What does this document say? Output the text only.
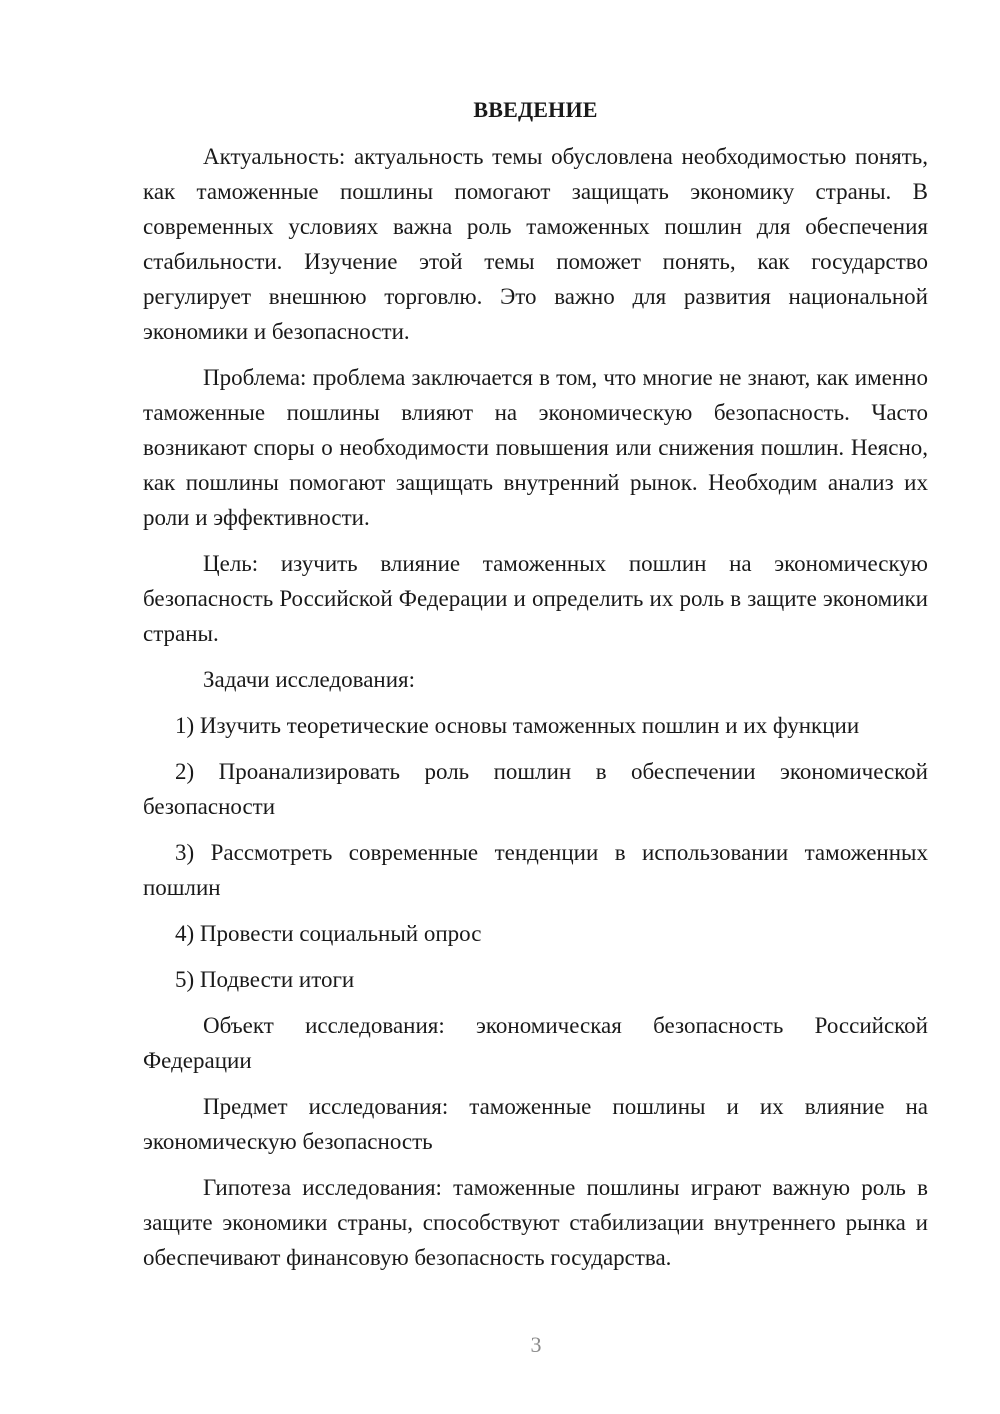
ВВЕДЕНИЕ

Актуальность: актуальность темы обусловлена необходимостью понять, как таможенные пошлины помогают защищать экономику страны. В современных условиях важна роль таможенных пошлин для обеспечения стабильности. Изучение этой темы поможет понять, как государство регулирует внешнюю торговлю. Это важно для развития национальной экономики и безопасности.

Проблема: проблема заключается в том, что многие не знают, как именно таможенные пошлины влияют на экономическую безопасность. Часто возникают споры о необходимости повышения или снижения пошлин. Неясно, как пошлины помогают защищать внутренний рынок. Необходим анализ их роли и эффективности.

Цель: изучить влияние таможенных пошлин на экономическую безопасность Российской Федерации и определить их роль в защите экономики страны.

Задачи исследования:

1) Изучить теоретические основы таможенных пошлин и их функции

2) Проанализировать роль пошлин в обеспечении экономической безопасности

3) Рассмотреть современные тенденции в использовании таможенных пошлин

4) Провести социальный опрос

5) Подвести итоги

Объект исследования: экономическая безопасность Российской Федерации

Предмет исследования: таможенные пошлины и их влияние на экономическую безопасность

Гипотеза исследования: таможенные пошлины играют важную роль в защите экономики страны, способствуют стабилизации внутреннего рынка и обеспечивают финансовую безопасность государства.

3
